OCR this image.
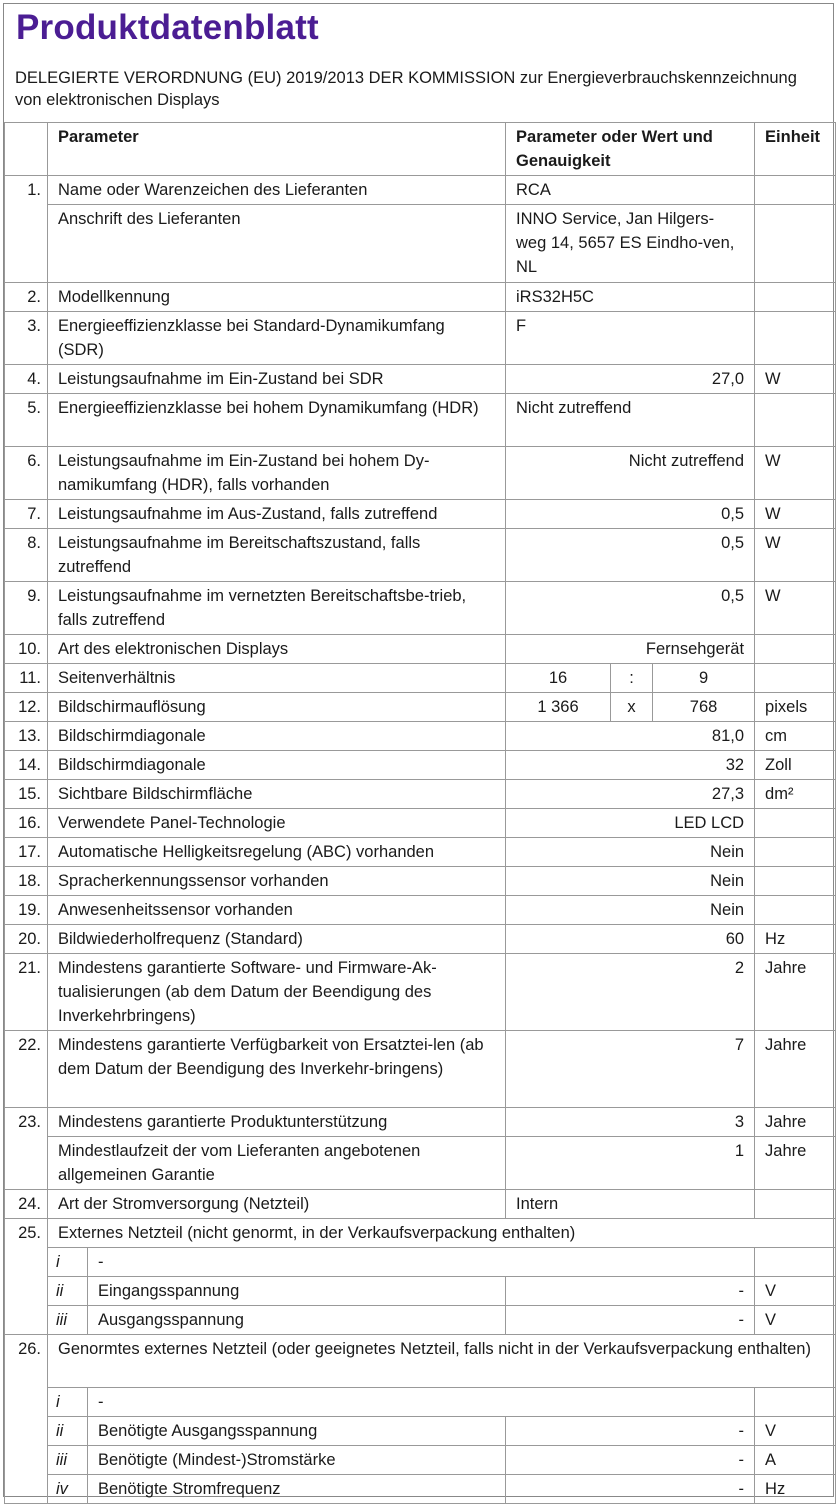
Produktdatenblatt
DELEGIERTE VERORDNUNG (EU) 2019/2013 DER KOMMISSION zur Energieverbrauchskennzeichnung von elektronischen Displays
	Parameter		Parameter oder Wert und Genauigkeit			Einheit
1.	Name oder Warenzeichen des Lieferanten		RCA			
	Anschrift des Lieferanten		INNO Service, Jan Hilgers-weg 14, 5657 ES Eindho-ven, NL			
2.	Modellkennung		iRS32H5C			
3.	Energieeffizienzklasse bei Standard-Dynamikumfang (SDR)		F			
4.	Leistungsaufnahme im Ein-Zustand bei SDR		27,0			W
5.	Energieeffizienzklasse bei hohem Dynamikumfang (HDR)		Nicht zutreffend			
6.	Leistungsaufnahme im Ein-Zustand bei hohem Dy-namikumfang (HDR), falls vorhanden		Nicht zutreffend			W
7.	Leistungsaufnahme im Aus-Zustand, falls zutreffend		0,5			W
8.	Leistungsaufnahme im Bereitschaftszustand, falls zutreffend		0,5			W
9.	Leistungsaufnahme im vernetzten Bereitschaftsbe-trieb, falls zutreffend		0,5			W
10.	Art des elektronischen Displays		Fernsehgerät			
11.	Seitenverhältnis		16	:	9	
12.	Bildschirmauflösung		1 366	x	768	pixels
13.	Bildschirmdiagonale		81,0			cm
14.	Bildschirmdiagonale		32			Zoll
15.	Sichtbare Bildschirmfläche		27,3			dm²
16.	Verwendete Panel-Technologie		LED LCD			
17.	Automatische Helligkeitsregelung (ABC) vorhanden		Nein			
18.	Spracherkennungssensor vorhanden		Nein			
19.	Anwesenheitssensor vorhanden		Nein			
20.	Bildwiederholfrequenz (Standard)		60			Hz
21.	Mindestens garantierte Software- und Firmware-Ak-tualisierungen (ab dem Datum der Beendigung des Inverkehrbringens)		2			Jahre
22.	Mindestens garantierte Verfügbarkeit von Ersatztei-len (ab dem Datum der Beendigung des Inverkehr-bringens)		7			Jahre
23.	Mindestens garantierte Produktunterstützung		3			Jahre
	Mindestlaufzeit der vom Lieferanten angebotenen allgemeinen Garantie		1			Jahre
24.	Art der Stromversorgung (Netzteil)		Intern			
25.	Externes Netzteil (nicht genormt, in der Verkaufsverpackung enthalten)					
	i	-				
	ii	Eingangsspannung	-			V
	iii	Ausgangsspannung	-			V
26.	Genormtes externes Netzteil (oder geeignetes Netzteil, falls nicht in der Verkaufsverpackung enthalten)					
	i	-				
	ii	Benötigte Ausgangsspannung	-			V
	iii	Benötigte (Mindest-)Stromstärke	-			A
	iv	Benötigte Stromfrequenz	-			Hz
